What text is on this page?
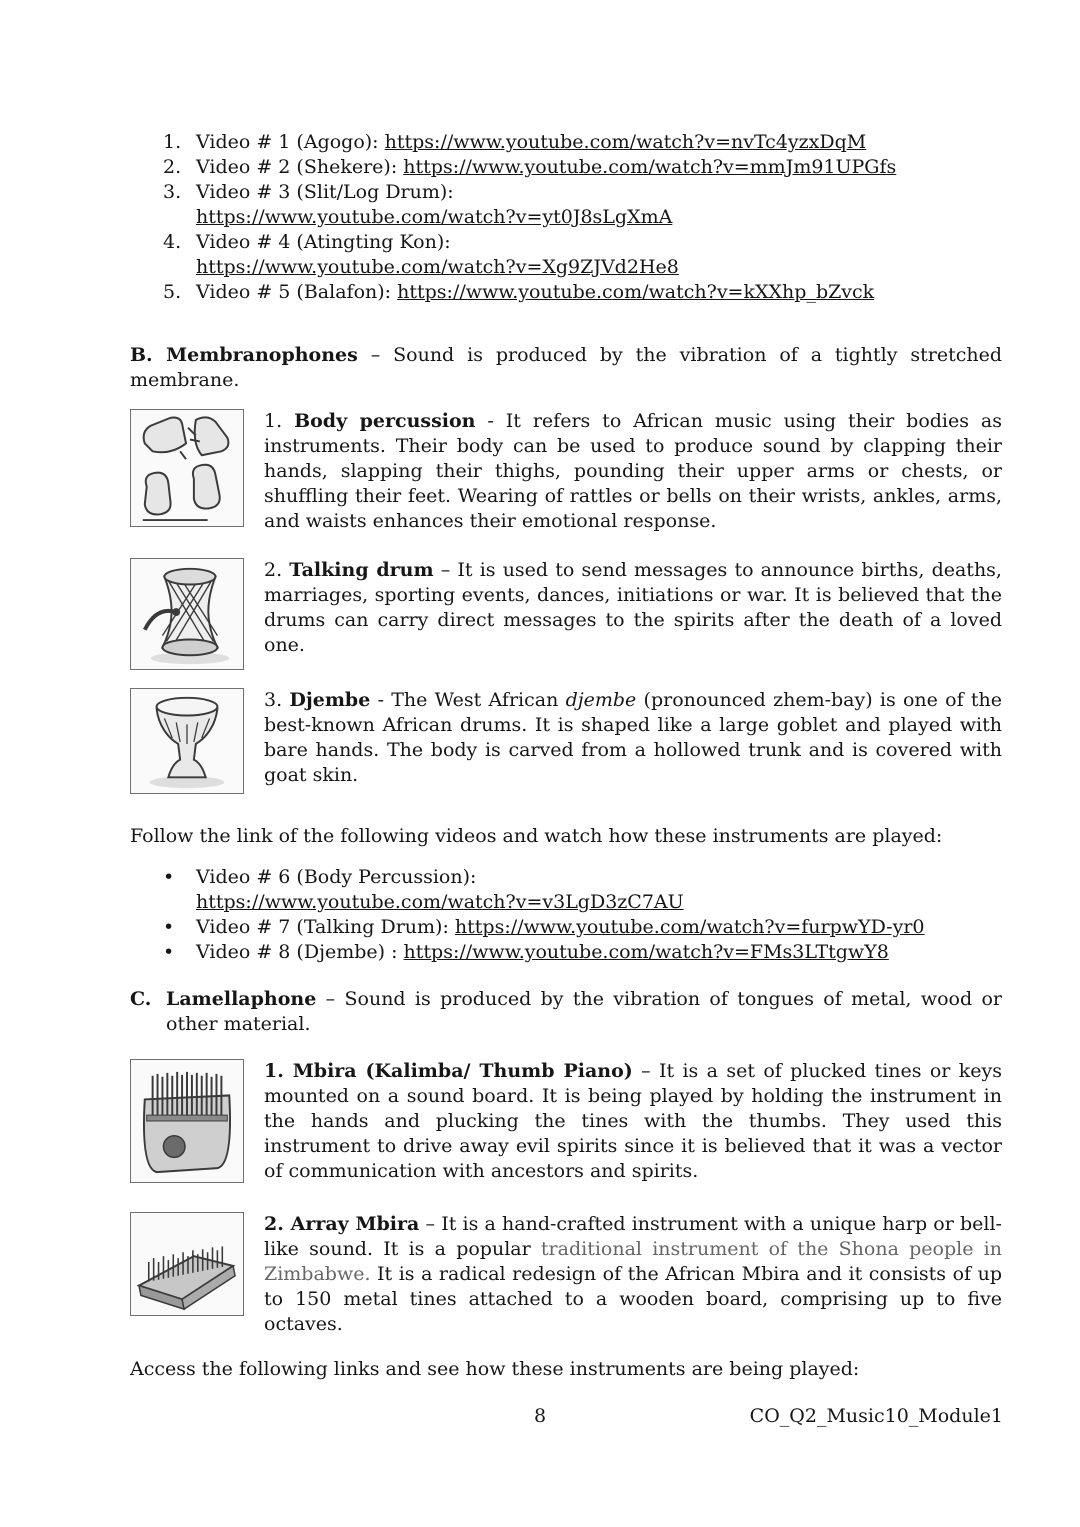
1. Video # 1 (Agogo): https://www.youtube.com/watch?v=nvTc4yzxDqM
2. Video # 2 (Shekere): https://www.youtube.com/watch?v=mmJm91UPGfs
3. Video # 3 (Slit/Log Drum):
https://www.youtube.com/watch?v=yt0J8sLgXmA
4. Video # 4 (Atingting Kon):
https://www.youtube.com/watch?v=Xg9ZJVd2He8
5. Video # 5 (Balafon): https://www.youtube.com/watch?v=kXXhp_bZvck

B. Membranophones – Sound is produced by the vibration of a tightly stretched membrane.

1. Body percussion - It refers to African music using their bodies as instruments. Their body can be used to produce sound by clapping their hands, slapping their thighs, pounding their upper arms or chests, or shuffling their feet. Wearing of rattles or bells on their wrists, ankles, arms, and waists enhances their emotional response.
2. Talking drum – It is used to send messages to announce births, deaths, marriages, sporting events, dances, initiations or war. It is believed that the drums can carry direct messages to the spirits after the death of a loved one.
3. Djembe - The West African djembe (pronounced zhem-bay) is one of the best-known African drums. It is shaped like a large goblet and played with bare hands. The body is carved from a hollowed trunk and is covered with goat skin.

Follow the link of the following videos and watch how these instruments are played:

•	Video # 6 (Body Percussion):
https://www.youtube.com/watch?v=v3LgD3zC7AU
•	Video # 7 (Talking Drum): https://www.youtube.com/watch?v=furpwYD-yr0
•	Video # 8 (Djembe) : https://www.youtube.com/watch?v=FMs3LTtgwY8
C. Lamellaphone – Sound is produced by the vibration of tongues of metal, wood or other material.
1. Mbira (Kalimba/ Thumb Piano) – It is a set of plucked tines or keys mounted on a sound board. It is being played by holding the instrument in the hands and plucking the tines with the thumbs. They used this instrument to drive away evil spirits since it is believed that it was a vector of communication with ancestors and spirits.
2. Array Mbira – It is a hand-crafted instrument with a unique harp or bell-like sound. It is a popular traditional instrument of the Shona people in Zimbabwe. It is a radical redesign of the African Mbira and it consists of up to 150 metal tines attached to a wooden board, comprising up to five octaves.

Access the following links and see how these instruments are being played:

8	CO_Q2_Music10_Module1
